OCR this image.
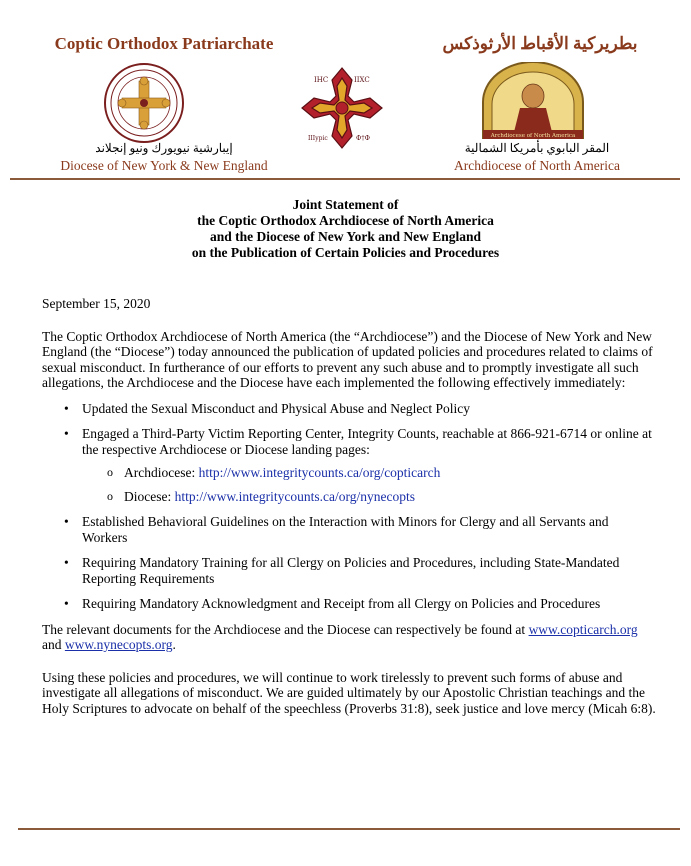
Coptic Orthodox Patriarchate	بطريركية الأقباط الأرثوذكس
IHC	IIXC
IIIуріс	Ф†Ф	Archdiocese of North America
إيبارشية نيويورك ونيو إنجلاند
Diocese of New York & New England
المقر البابوي بأمريكا الشمالية
Archdiocese of North America
Joint Statement of
the Coptic Orthodox Archdiocese of North America
and the Diocese of New York and New England
on the Publication of Certain Policies and Procedures

September 15, 2020

The Coptic Orthodox Archdiocese of North America (the “Archdiocese”) and the Diocese of New York and New England (the “Diocese”) today announced the publication of updated policies and procedures related to claims of sexual misconduct. In furtherance of our efforts to prevent any such abuse and to promptly investigate all such allegations, the Archdiocese and the Diocese have each implemented the following effectively immediately:

• Updated the Sexual Misconduct and Physical Abuse and Neglect Policy
• Engaged a Third-Party Victim Reporting Center, Integrity Counts, reachable at 866-921-6714 or online at the respective Archdiocese or Diocese landing pages:
o Archdiocese: http://www.integritycounts.ca/org/copticarch
o Diocese: http://www.integritycounts.ca/org/nynecopts
• Established Behavioral Guidelines on the Interaction with Minors for Clergy and all Servants and Workers
• Requiring Mandatory Training for all Clergy on Policies and Procedures, including State-Mandated Reporting Requirements
• Requiring Mandatory Acknowledgment and Receipt from all Clergy on Policies and Procedures

The relevant documents for the Archdiocese and the Diocese can respectively be found at www.copticarch.org and www.nynecopts.org.

Using these policies and procedures, we will continue to work tirelessly to prevent such forms of abuse and investigate all allegations of misconduct. We are guided ultimately by our Apostolic Christian teachings and the Holy Scriptures to advocate on behalf of the speechless (Proverbs 31:8), seek justice and love mercy (Micah 6:8).
